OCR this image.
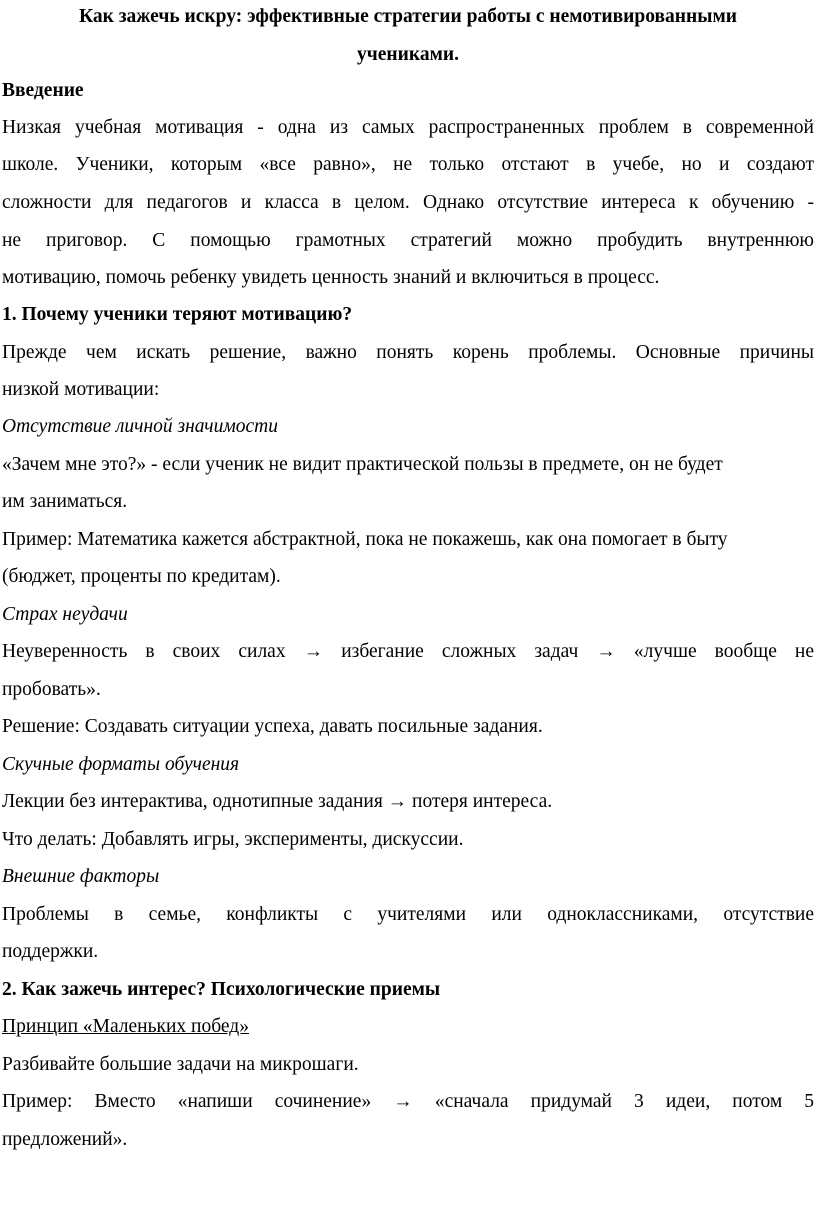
Как зажечь искру: эффективные стратегии работы с немотивированными
учениками.
Введение
Низкая учебная мотивация - одна из самых распространенных проблем в современной
школе. Ученики, которым «все равно», не только отстают в учебе, но и создают
сложности для педагогов и класса в целом. Однако отсутствие интереса к обучению -
не приговор. С помощью грамотных стратегий можно пробудить внутреннюю
мотивацию, помочь ребенку увидеть ценность знаний и включиться в процесс.
1. Почему ученики теряют мотивацию?
Прежде чем искать решение, важно понять корень проблемы. Основные причины
низкой мотивации:
Отсутствие личной значимости
«Зачем мне это?» - если ученик не видит практической пользы в предмете, он не будет
им заниматься.
Пример: Математика кажется абстрактной, пока не покажешь, как она помогает в быту
(бюджет, проценты по кредитам).
Страх неудачи
Неуверенность в своих силах → избегание сложных задач → «лучше вообще не
пробовать».
Решение: Создавать ситуации успеха, давать посильные задания.
Скучные форматы обучения
Лекции без интерактива, однотипные задания → потеря интереса.
Что делать: Добавлять игры, эксперименты, дискуссии.
Внешние факторы
Проблемы в семье, конфликты с учителями или одноклассниками, отсутствие
поддержки.
2. Как зажечь интерес? Психологические приемы
Принцип «Маленьких побед»
Разбивайте большие задачи на микрошаги.
Пример: Вместо «напиши сочинение» → «сначала придумай 3 идеи, потом 5
предложений».
